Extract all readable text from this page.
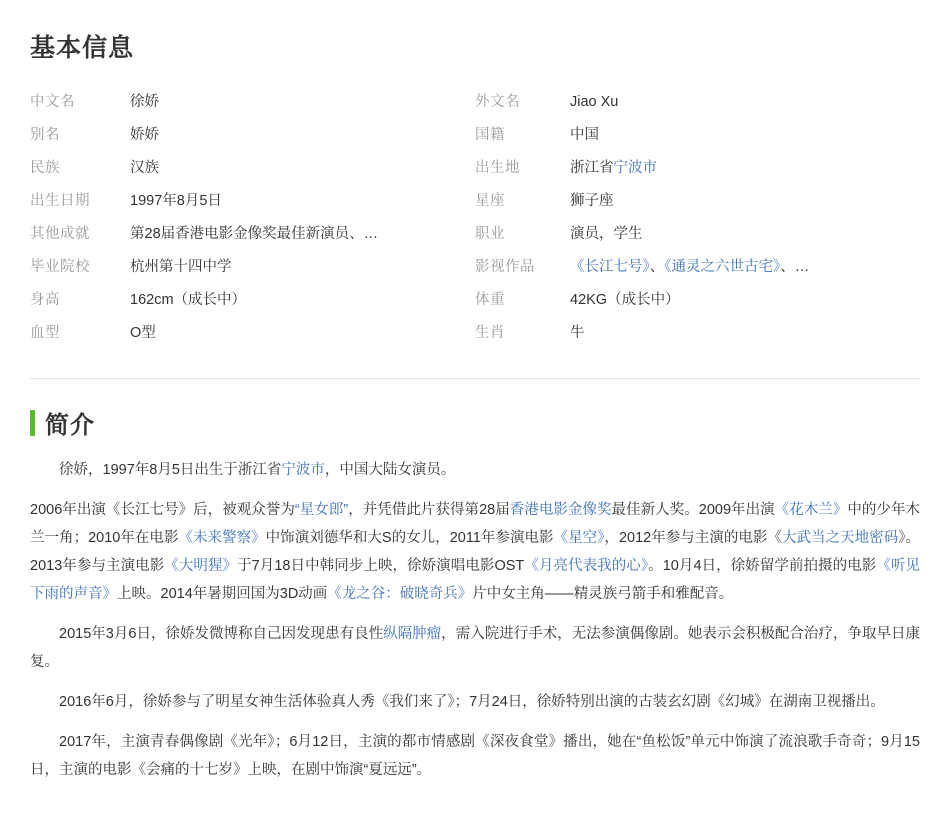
基本信息
中文名	徐娇	外文名	Jiao Xu
别名	娇娇	国籍	中国
民族	汉族	出生地	浙江省宁波市
出生日期	1997年8月5日	星座	狮子座
其他成就	第28届香港电影金像奖最佳新演员、…	职业	演员，学生
毕业院校	杭州第十四中学	影视作品	《长江七号》、《通灵之六世古宅》、…
身高	162cm（成长中）	体重	42KG（成长中）
血型	O型	生肖	牛
简介

徐娇，1997年8月5日出生于浙江省宁波市，中国大陆女演员。

2006年出演《长江七号》后，被观众誉为“星女郎”，并凭借此片获得第28届香港电影金像奖最佳新人奖。2009年出演《花木兰》中的少年木兰一角；2010年在电影《未来警察》中饰演刘德华和大S的女儿，2011年参演电影《星空》，2012年参与主演的电影《大武当之天地密码》。2013年参与主演电影《大明猩》于7月18日中韩同步上映，徐娇演唱电影OST《月亮代表我的心》。10月4日，徐娇留学前拍摄的电影《听见下雨的声音》上映。2014年暑期回国为3D动画《龙之谷：破晓奇兵》片中女主角——精灵族弓箭手和雅配音。

2015年3月6日，徐娇发微博称自己因发现患有良性纵隔肿瘤，需入院进行手术，无法参演偶像剧。她表示会积极配合治疗，争取早日康复。

2016年6月，徐娇参与了明星女神生活体验真人秀《我们来了》；7月24日，徐娇特别出演的古装玄幻剧《幻城》在湖南卫视播出。

2017年，主演青春偶像剧《光年》；6月12日，主演的都市情感剧《深夜食堂》播出，她在“鱼松饭”单元中饰演了流浪歌手奇奇；9月15日，主演的电影《会痛的十七岁》上映，在剧中饰演“夏远远”。
